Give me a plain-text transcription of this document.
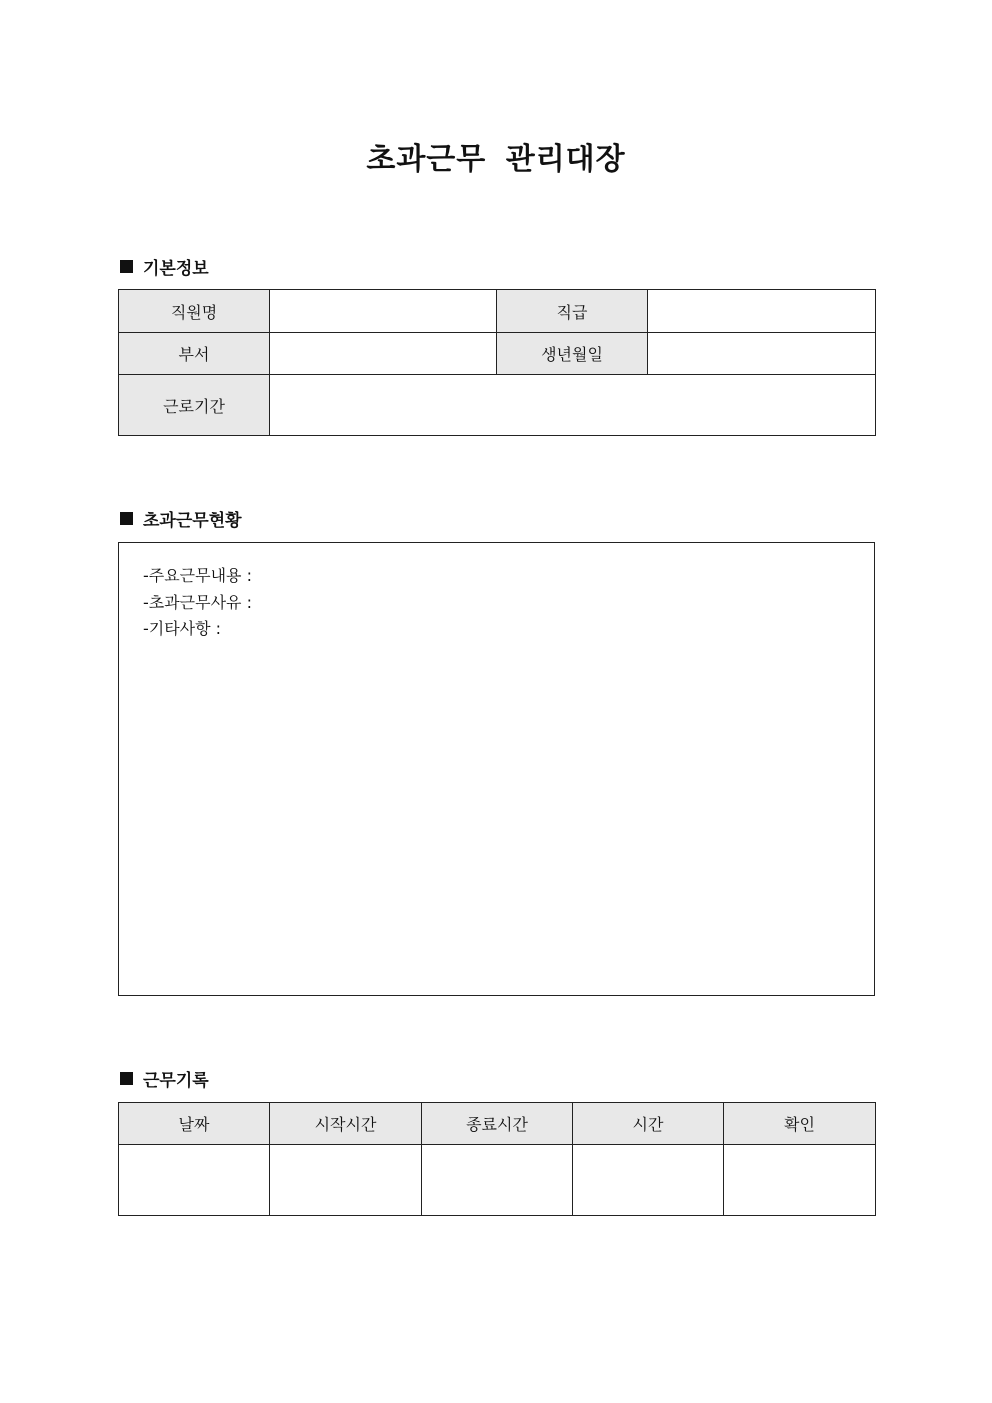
초과근무 관리대장
기본정보
직원명		직급	
부서		생년월일	
근로기간			
초과근무현황
-주요근무내용 :
-초과근무사유 :
-기타사항 :
근무기록
날짜	시작시간	종료시간	시간	확인
